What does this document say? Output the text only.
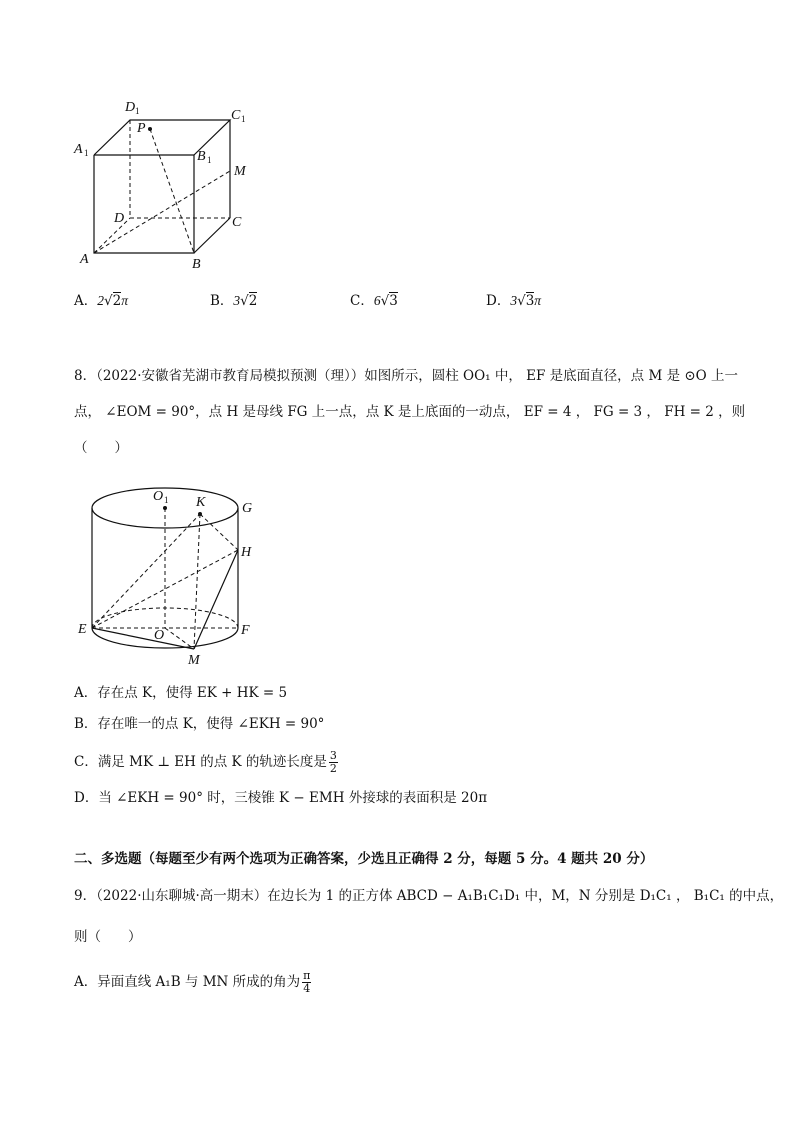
D 1	C 1
A 1	B 1
P
M
D	C
A	B
A．2√2π	B．3√2	C．6√3	D．3√3π
8．（2022·安徽省芜湖市教育局模拟预测（理））如图所示，圆柱 OO₁ 中， EF 是底面直径，点 M 是 ⊙O 上一
点， ∠EOM = 90°，点 H 是母线 FG 上一点，点 K 是上底面的一动点， EF = 4 ， FG = 3 ， FH = 2 ，则
（　　）
O 1 K	G
H
E	O	F
M
A．存在点 K，使得 EK + HK = 5
B．存在唯一的点 K，使得 ∠EKH = 90°
C．满足 MK ⊥ EH 的点 K 的轨迹长度是 $\frac{3}{2}$
D．当 ∠EKH = 90° 时，三棱锥 K − EMH 外接球的表面积是 20π
二、多选题（每题至少有两个选项为正确答案，少选且正确得 2 分，每题 5 分。4 题共 20 分）
9．（2022·山东聊城·高一期末）在边长为 1 的正方体 ABCD − A₁B₁C₁D₁ 中，M，N 分别是 D₁C₁ ， B₁C₁ 的中点，
则（　　）
A．异面直线 A₁B 与 MN 所成的角为 $\frac{\pi}{4}$
